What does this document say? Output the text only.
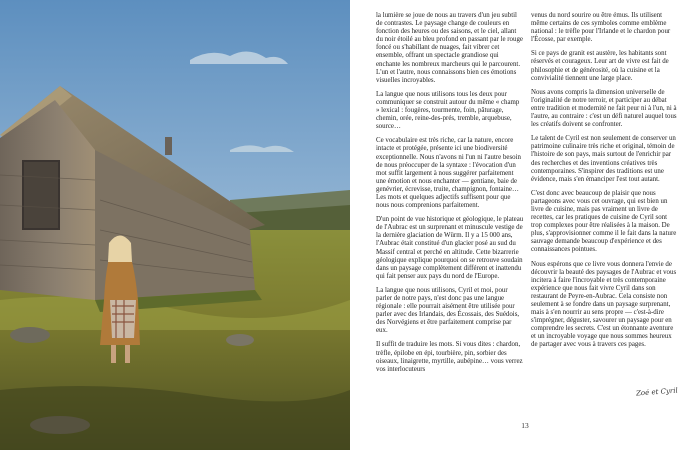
la lumière se joue de nous au travers d'un jeu subtil de contrastes. Le paysage change de couleurs en fonction des heures ou des saisons, et le ciel, allant du noir étoilé au bleu profond en passant par le rouge foncé ou s'habillant de nuages, fait vibrer cet ensemble, offrant un spectacle grandiose qui enchante les nombreux marcheurs qui le parcourent. L'un et l'autre, nous connaissons bien ces émotions visuelles incroyables.

La langue que nous utilisons tous les deux pour communiquer se construit autour du même « champ » lexical : fougères, tourmente, foin, pâturage, chemin, orée, reine-des-prés, tremble, arquebuse, source…

Ce vocabulaire est très riche, car la nature, encore intacte et protégée, présente ici une biodiversité exceptionnelle. Nous n'avons ni l'un ni l'autre besoin de nous préoccuper de la syntaxe : l'évocation d'un mot suffit largement à nous suggérer parfaitement une émotion et nous enchanter — gentiane, baie de genévrier, écrevisse, truite, champignon, fontaine… Les mots et quelques adjectifs suffisent pour que nous nous comprenions parfaitement.

D'un point de vue historique et géologique, le plateau de l'Aubrac est un surprenant et minuscule vestige de la dernière glaciation de Würm. Il y a 15 000 ans, l'Aubrac était constitué d'un glacier posé au sud du Massif central et perché en altitude. Cette bizarrerie géologique explique pourquoi on se retrouve soudain dans un paysage complètement différent et inattendu qui fait penser aux pays du nord de l'Europe.

La langue que nous utilisons, Cyril et moi, pour parler de notre pays, n'est donc pas une langue régionale : elle pourrait aisément être utilisée pour parler avec des Irlandais, des Écossais, des Suédois, des Norvégiens et être parfaitement comprise par eux.

Il suffit de traduire les mots. Si vous dites : chardon, trèfle, épilobe en épi, tourbière, pin, sorbier des oiseaux, linaigrette, myrtille, aubépine… vous verrez vos interlocuteurs

venus du nord sourire ou être émus. Ils utilisent même certains de ces symboles comme emblème national : le trèfle pour l'Irlande et le chardon pour l'Écosse, par exemple.

Si ce pays de granit est austère, les habitants sont réservés et courageux. Leur art de vivre est fait de philosophie et de générosité, où la cuisine et la convivialité tiennent une large place.

Nous avons compris la dimension universelle de l'originalité de notre terroir, et participer au débat entre tradition et modernité ne fait peur ni à l'un, ni à l'autre, au contraire : c'est un défi naturel auquel tous les créatifs doivent se confronter.

Le talent de Cyril est non seulement de conserver un patrimoine culinaire très riche et original, témoin de l'histoire de son pays, mais surtout de l'enrichir par des recherches et des inventions créatives très contemporaines. S'inspirer des traditions est une évidence, mais s'en émanciper l'est tout autant.

C'est donc avec beaucoup de plaisir que nous partageons avec vous cet ouvrage, qui est bien un livre de cuisine, mais pas vraiment un livre de recettes, car les pratiques de cuisine de Cyril sont trop complexes pour être réalisées à la maison. De plus, s'approvisionner comme il le fait dans la nature sauvage demande beaucoup d'expérience et des connaissances pointues.

Nous espérons que ce livre vous donnera l'envie de découvrir la beauté des paysages de l'Aubrac et vous incitera à faire l'incroyable et très contemporaine expérience que nous fait vivre Cyril dans son restaurant de Peyre-en-Aubrac. Cela consiste non seulement à se fondre dans un paysage surprenant, mais à s'en nourrir au sens propre — c'est-à-dire s'imprégner, déguster, savourer un paysage pour en comprendre les secrets. C'est un étonnante aventure et un incroyable voyage que nous sommes heureux de partager avec vous à travers ces pages.

Zoé et Cyril
13
